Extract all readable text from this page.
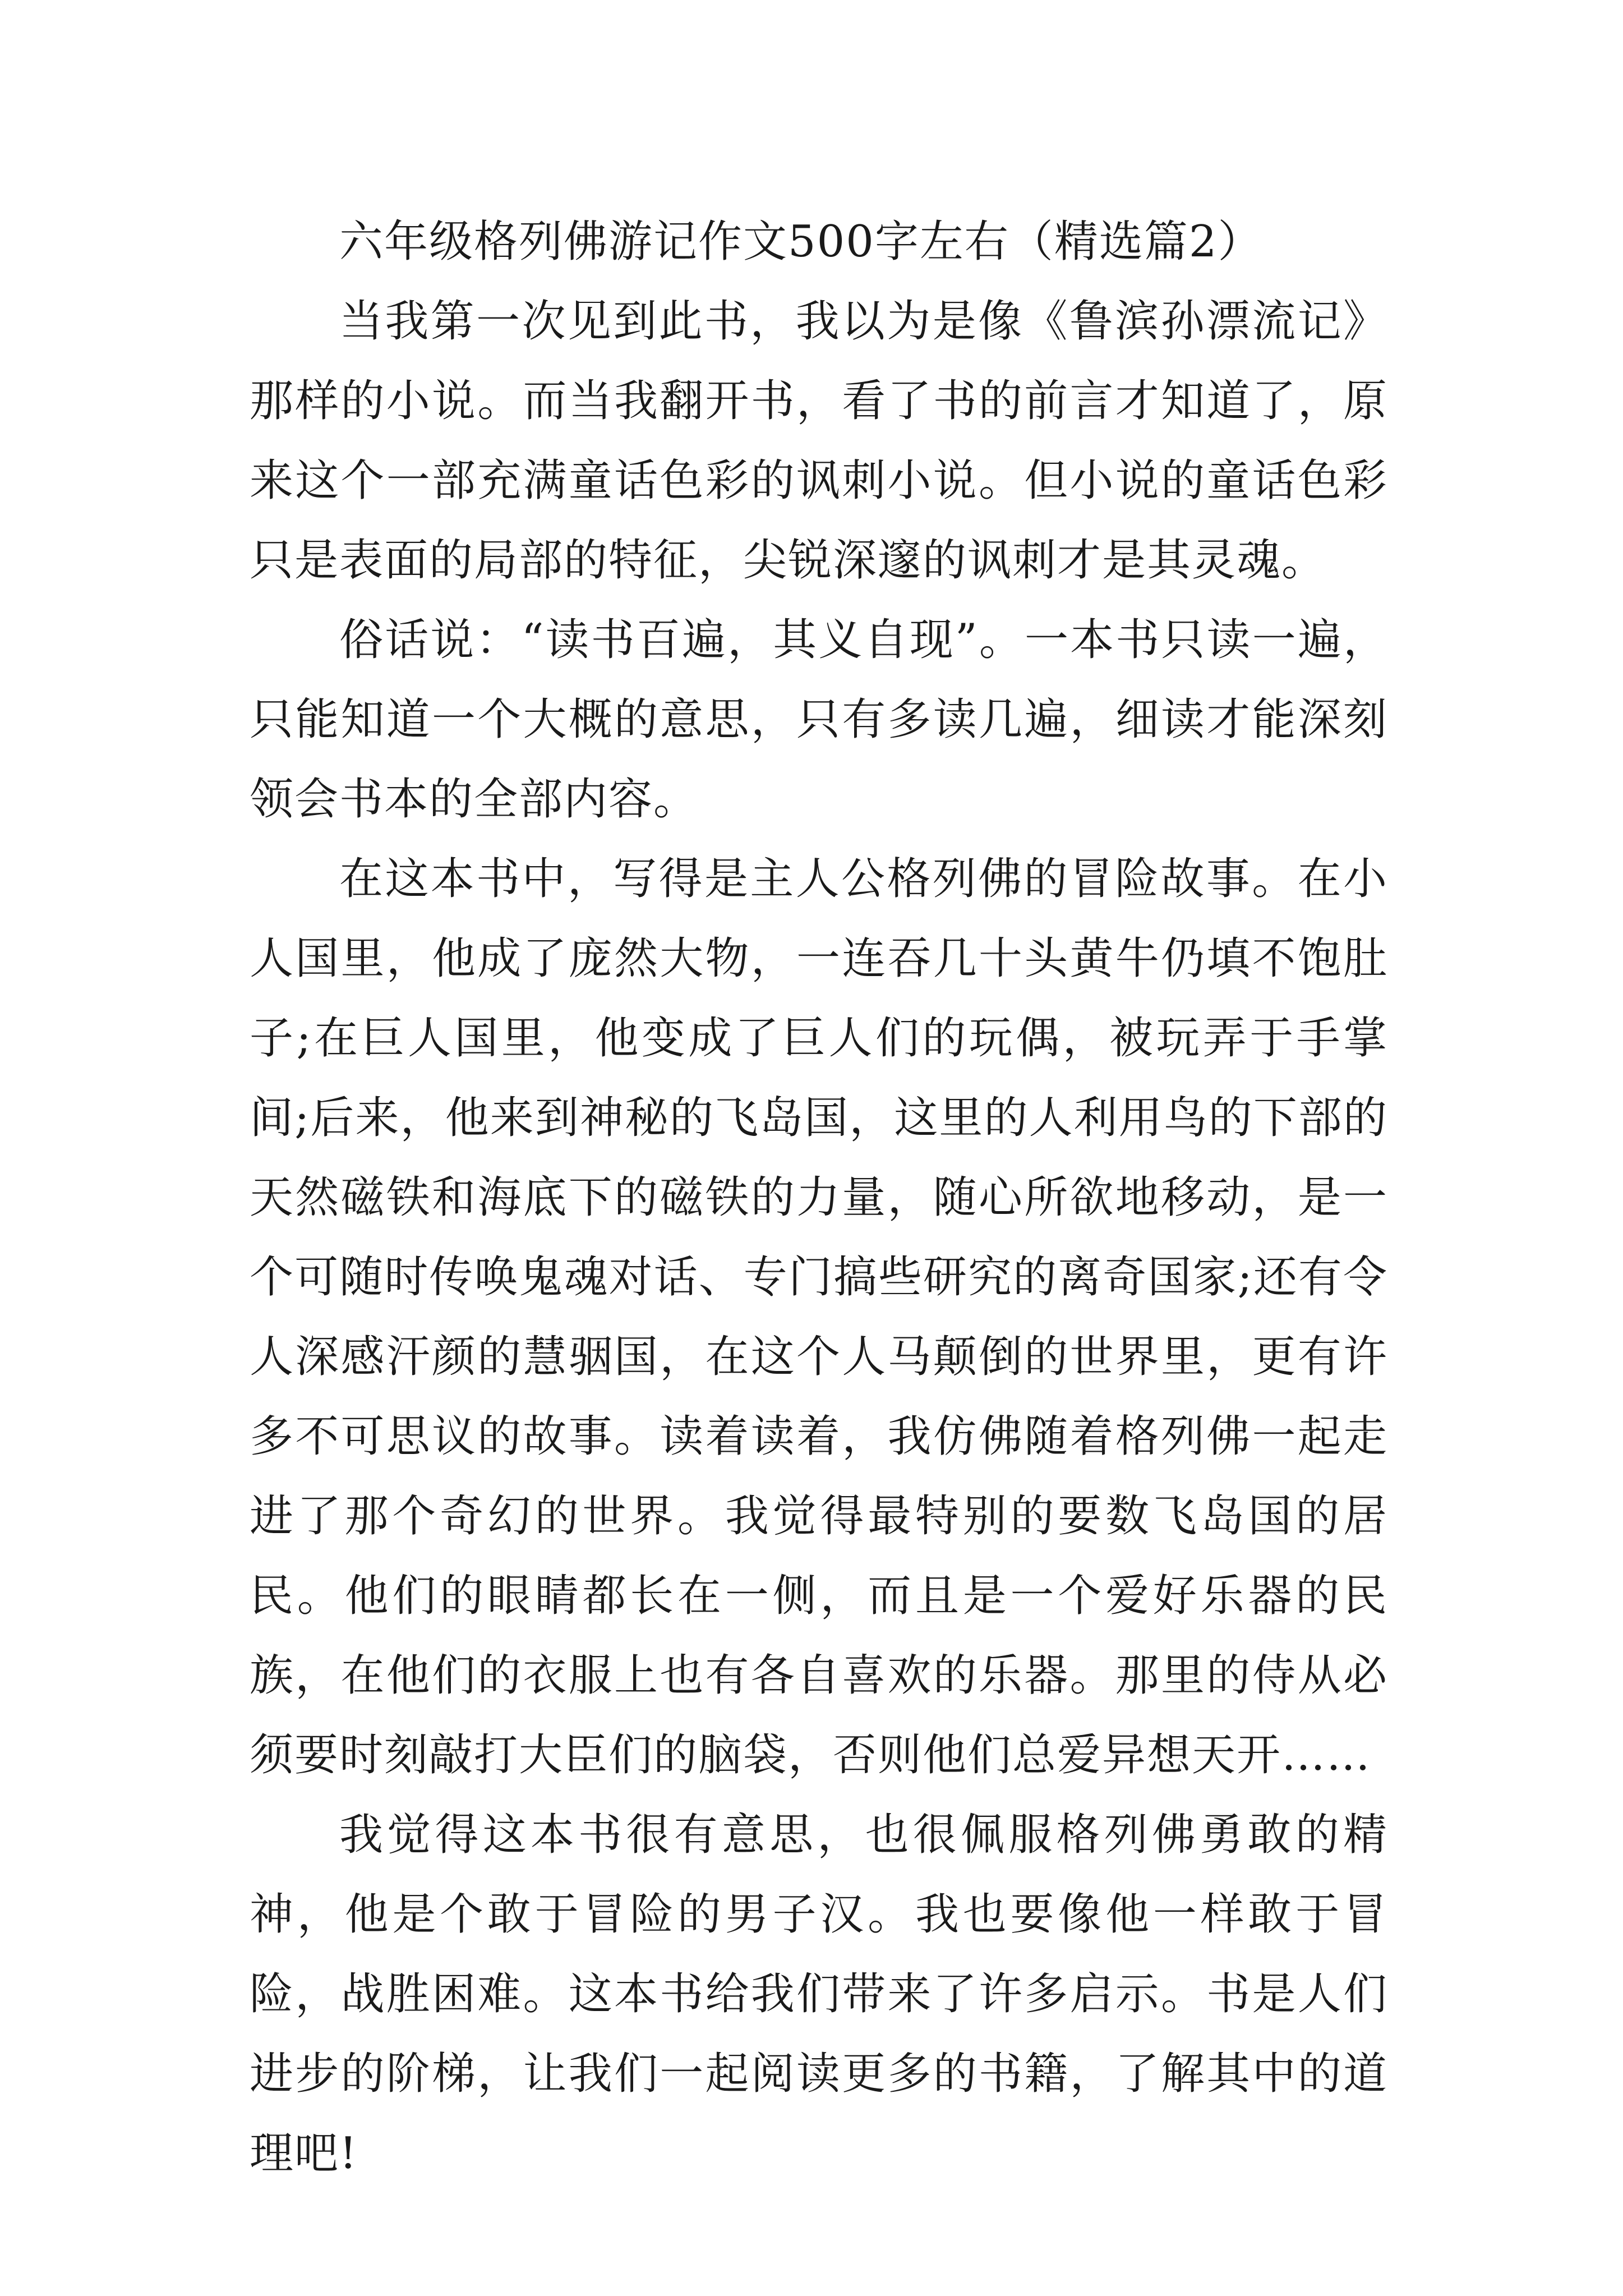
六年级格列佛游记作文500字左右（精选篇2）

当我第一次见到此书，我以为是像《鲁滨孙漂流记》那样的小说。而当我翻开书，看了书的前言才知道了，原来这个一部充满童话色彩的讽刺小说。但小说的童话色彩只是表面的局部的特征，尖锐深邃的讽刺才是其灵魂。

俗话说：“读书百遍，其义自现”。一本书只读一遍，只能知道一个大概的意思，只有多读几遍，细读才能深刻领会书本的全部内容。

在这本书中，写得是主人公格列佛的冒险故事。在小人国里，他成了庞然大物，一连吞几十头黄牛仍填不饱肚子;在巨人国里，他变成了巨人们的玩偶，被玩弄于手掌间;后来，他来到神秘的飞岛国，这里的人利用鸟的下部的天然磁铁和海底下的磁铁的力量，随心所欲地移动，是一个可随时传唤鬼魂对话、专门搞些研究的离奇国家;还有令人深感汗颜的慧骃国，在这个人马颠倒的世界里，更有许多不可思议的故事。读着读着，我仿佛随着格列佛一起走进了那个奇幻的世界。我觉得最特别的要数飞岛国的居民。他们的眼睛都长在一侧，而且是一个爱好乐器的民族，在他们的衣服上也有各自喜欢的乐器。那里的侍从必须要时刻敲打大臣们的脑袋，否则他们总爱异想天开……

我觉得这本书很有意思，也很佩服格列佛勇敢的精神，他是个敢于冒险的男子汉。我也要像他一样敢于冒险，战胜困难。这本书给我们带来了许多启示。书是人们进步的阶梯，让我们一起阅读更多的书籍，了解其中的道理吧!
